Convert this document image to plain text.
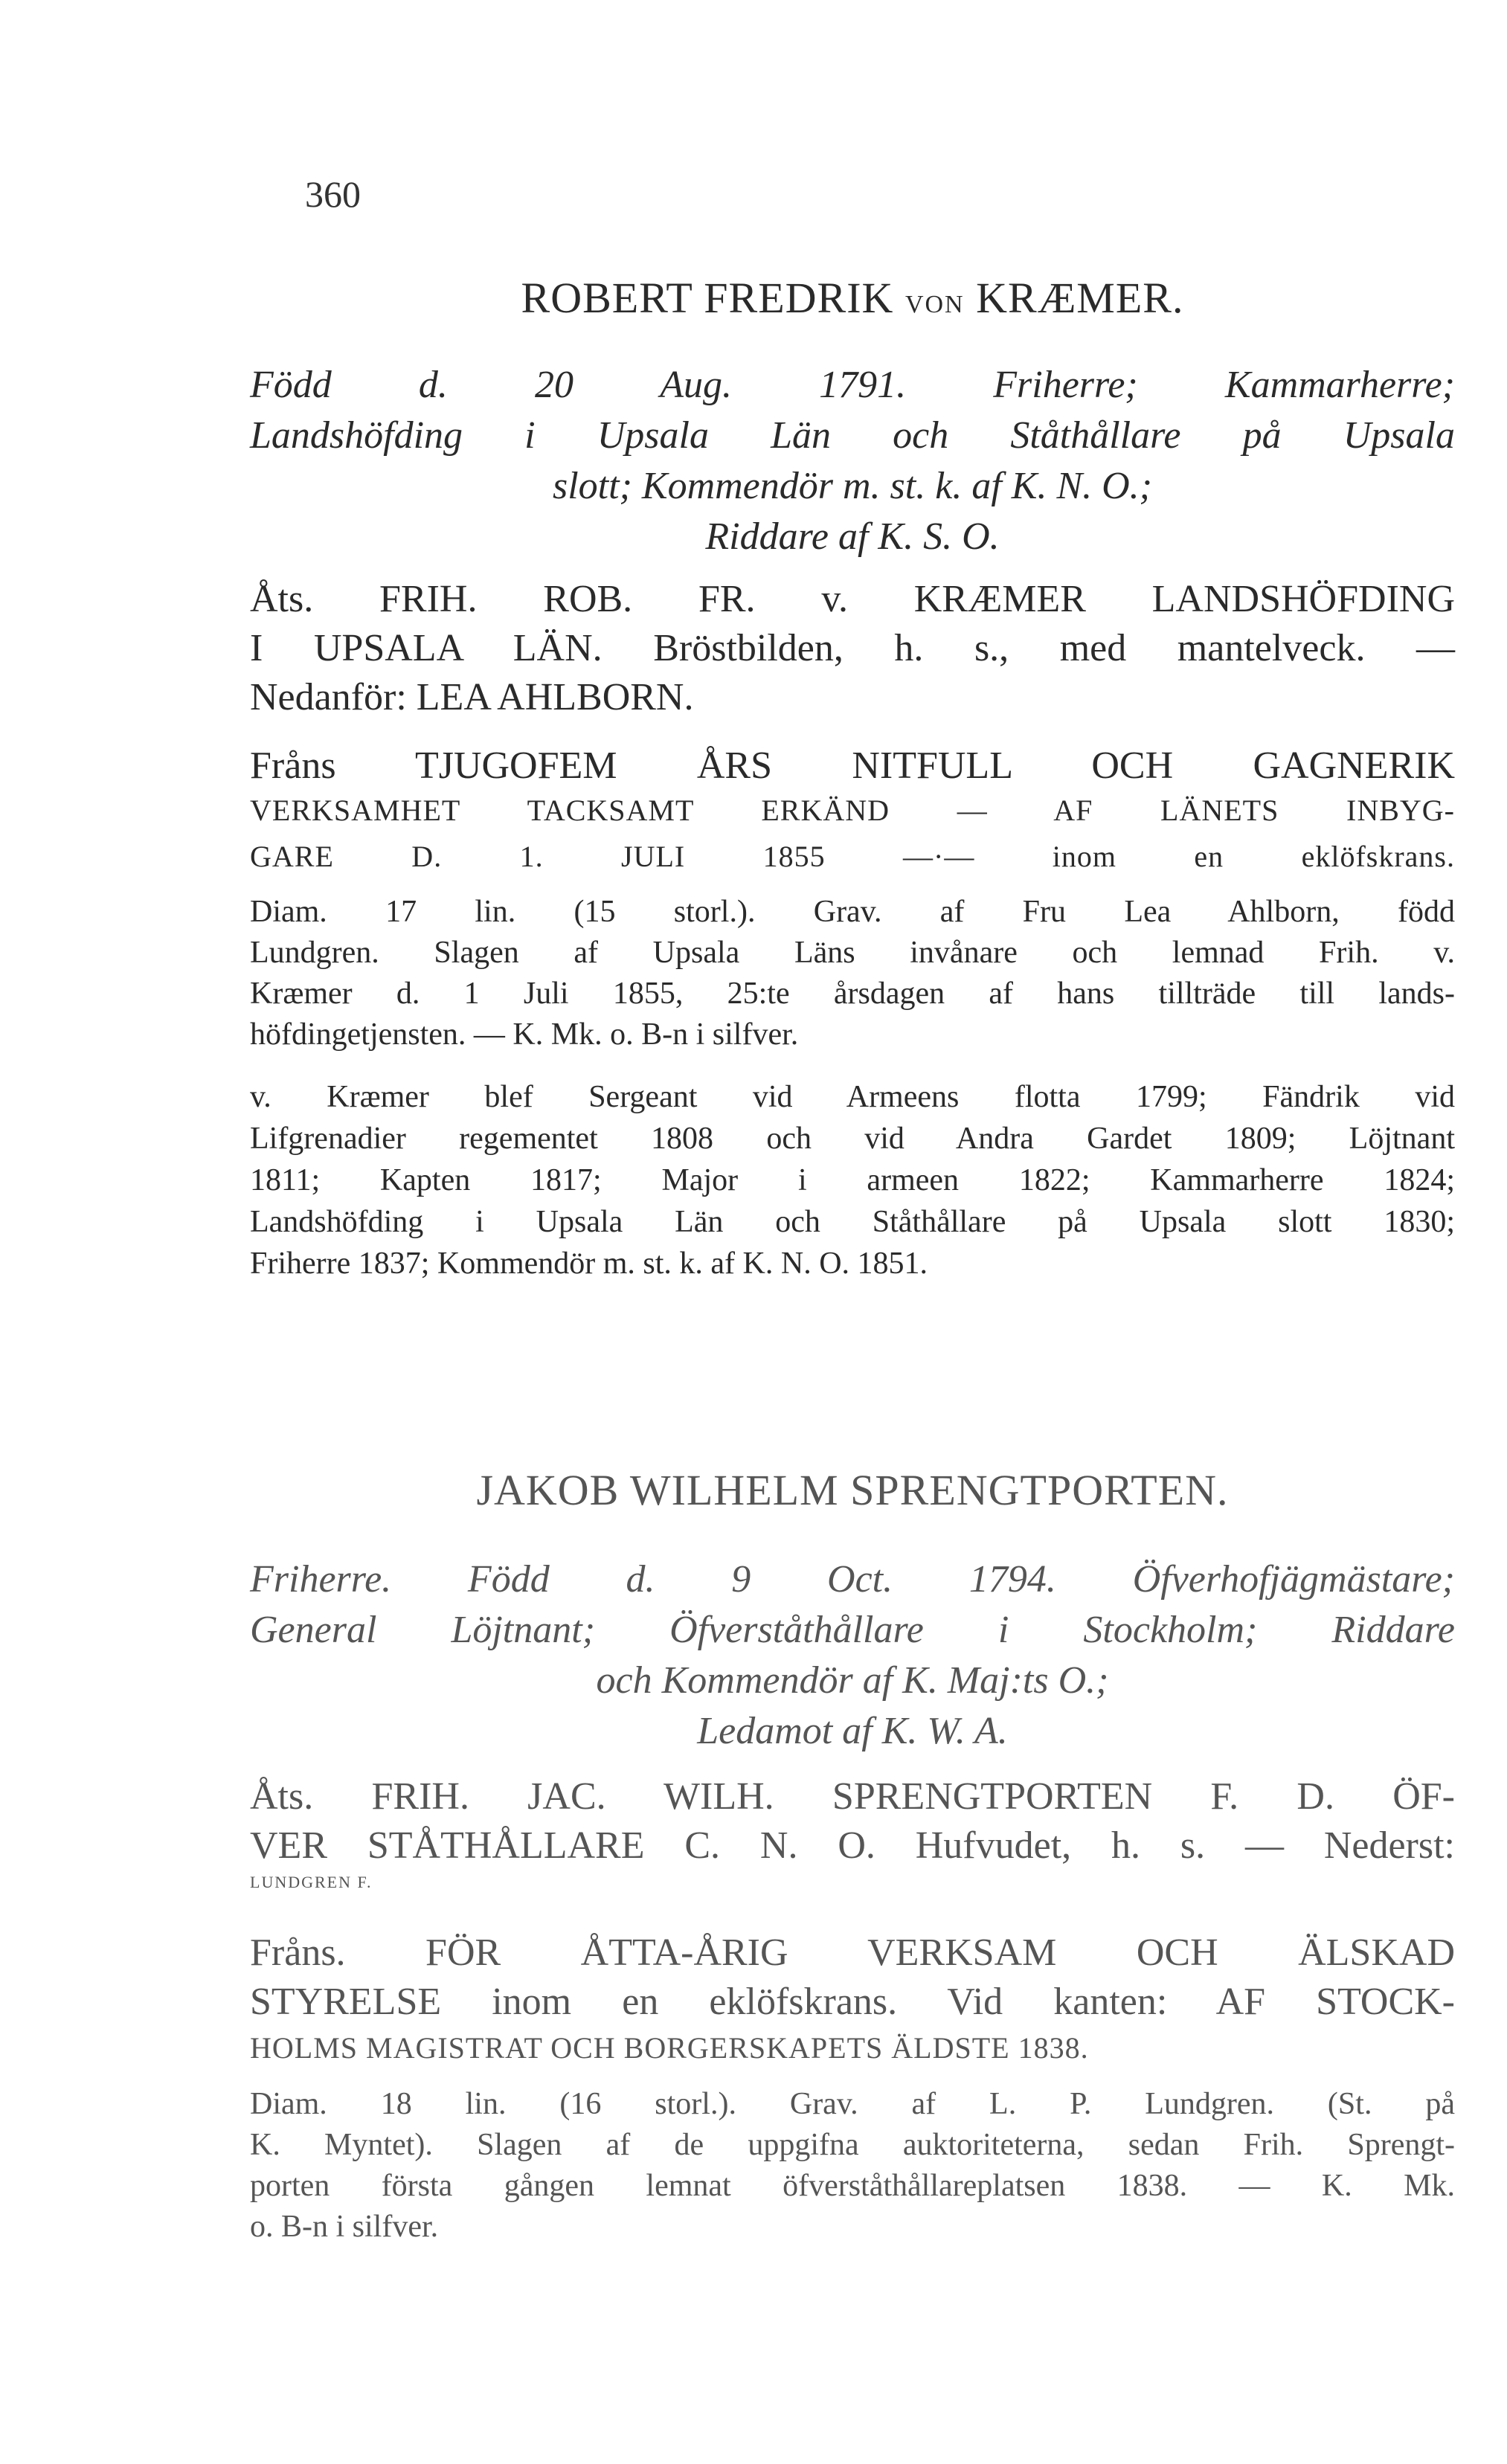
360
ROBERT FREDRIK VON KRÆMER.
Född d. 20 Aug. 1791. Friherre; Kammarherre;
Landshöfding i Upsala Län och Ståthållare på Upsala
slott; Kommendör m. st. k. af K. N. O.;
Riddare af K. S. O.
Åts. FRIH. ROB. FR. v. KRÆMER LANDSHÖFDING
I UPSALA LÄN. Bröstbilden, h. s., med mantelveck. —
Nedanför: LEA AHLBORN.
Fråns TJUGOFEM ÅRS NITFULL OCH GAGNERIK
VERKSAMHET TACKSAMT ERKÄND — AF LÄNETS INBYG-
GARE D. 1. JULI 1855 —·— inom en eklöfskrans.
Diam. 17 lin. (15 storl.). Grav. af Fru Lea Ahlborn, född
Lundgren. Slagen af Upsala Läns invånare och lemnad Frih. v.
Kræmer d. 1 Juli 1855, 25:te årsdagen af hans tillträde till lands-
höfdingetjensten. — K. Mk. o. B-n i silfver.
v. Kræmer blef Sergeant vid Armeens flotta 1799; Fändrik vid
Lifgrenadier regementet 1808 och vid Andra Gardet 1809; Löjtnant
1811; Kapten 1817; Major i armeen 1822; Kammarherre 1824;
Landshöfding i Upsala Län och Ståthållare på Upsala slott 1830;
Friherre 1837; Kommendör m. st. k. af K. N. O. 1851.
JAKOB WILHELM SPRENGTPORTEN.
Friherre. Född d. 9 Oct. 1794. Öfverhofjägmästare;
General Löjtnant; Öfverståthållare i Stockholm; Riddare
och Kommendör af K. Maj:ts O.;
Ledamot af K. W. A.
Åts. FRIH. JAC. WILH. SPRENGTPORTEN F. D. ÖF-
VER STÅTHÅLLARE C. N. O. Hufvudet, h. s. — Nederst:
LUNDGREN F.
Fråns. FÖR ÅTTA-ÅRIG VERKSAM OCH ÄLSKAD
STYRELSE inom en eklöfskrans. Vid kanten: AF STOCK-
HOLMS MAGISTRAT OCH BORGERSKAPETS ÄLDSTE 1838.
Diam. 18 lin. (16 storl.). Grav. af L. P. Lundgren. (St. på
K. Myntet). Slagen af de uppgifna auktoriteterna, sedan Frih. Sprengt-
porten första gången lemnat öfverståthållareplatsen 1838. — K. Mk.
o. B-n i silfver.
